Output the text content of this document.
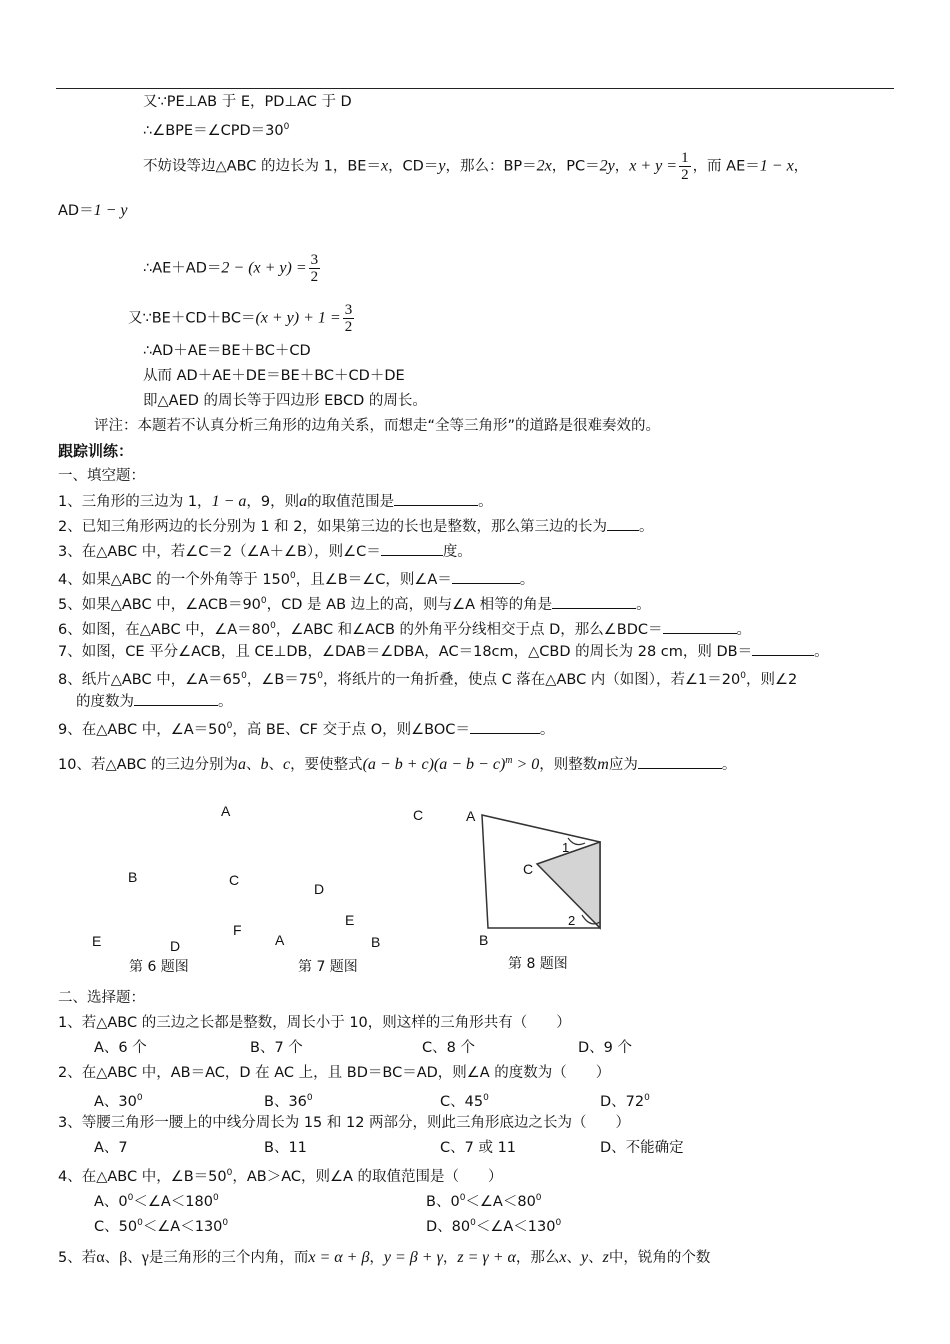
又∵PE⊥AB 于 E，PD⊥AC 于 D
$\therefore\angle BPE=\angle CPD=30^0$
不妨设等边△ABC 的边长为 1，BE＝x，CD＝y，那么：BP＝2x，PC＝2y，$x + y = \frac{1}{2}$ ，而 AE＝1 − x，
AD＝1 − y
∴AE＋AD＝2 − $(x + y) = \frac{3}{2}$
又∵BE＋CD＋BC＝(x + $y) + 1 = \frac{3}{2}$
∴AD＋AE＝BE＋BC＋CD
从而 AD＋AE＋DE＝BE＋BC＋CD＋DE
即△AED 的周长等于四边形 EBCD 的周长。
评注：本题若不认真分析三角形的边角关系，而想走“全等三角形”的道路是很难奏效的。
跟踪训练：
一、填空题：
1、三角形的三边为 1，1 − a，9，则a的取值范围是	。
2、已知三角形两边的长分别为 1 和 2，如果第三边的长也是整数，那么第三边的长为 。
3、在△ABC 中，若∠C＝2（∠A＋∠B），则∠C＝	度。
4、如果△ABC 的一个外角等于 $150^0$，且∠B＝∠C，则∠A＝	。
5、如果△ABC 中，$\angle ACB=90^0$，CD 是 AB 边上的高，则与∠A 相等的角是	。
6、如图，在△ABC 中，$\angle A=80^0$，∠ABC 和∠ACB 的外角平分线相交于点 D，那么∠BDC＝	。
7、如图，CE 平分∠ACB，且 CE⊥DB，∠DAB＝∠DBA，AC＝18cm，△CBD 的周长为 28 cm，则 DB＝	。
8、纸片△ABC 中，$\angle A=65^0$，$\angle B=75^0$，将纸片的一角折叠，使点 C 落在△ABC 内（如图），若$\angle 1=20^0$，则∠2
的度数为	。
9、在△ABC 中，$\angle A=50^0$，高 BE、CF 交于点 O，则∠BOC＝	。
10、若△ABC 的三边分别为a、b、c，要使整式$(a - b + c)(a - b - c)^m > 0$，则整数m应为	。
A
B	C
E	D
第 6 题图
C
D
E
F
A	B
第 7 题图
A
1
C
2
B
第 8 题图
二、选择题：
1、若△ABC 的三边之长都是整数，周长小于 10，则这样的三角形共有（　　）
A、6 个	B、7 个	C、8 个	D、9 个
2、在△ABC 中，AB＝AC，D 在 AC 上，且 BD＝BC＝AD，则∠A 的度数为（　　）
A、$30^0$	B、$36^0$	C、$45^0$	D、$72^0$
3、等腰三角形一腰上的中线分周长为 15 和 12 两部分，则此三角形底边之长为（　　）
A、7	B、11	C、7 或 11	D、不能确定
4、在△ABC 中，$\angle B=50^0$，AB＞AC，则∠A 的取值范围是（　　）
A、$0^0<\angle A<180^0$	B、$0^0<\angle A<80^0$
C、$50^0<\angle A<130^0$	D、$80^0<\angle A<130^0$
5、若α、β、γ是三角形的三个内角，而x = α + β，y = β + γ，z = γ + α，那么x、y、z中，锐角的个数
